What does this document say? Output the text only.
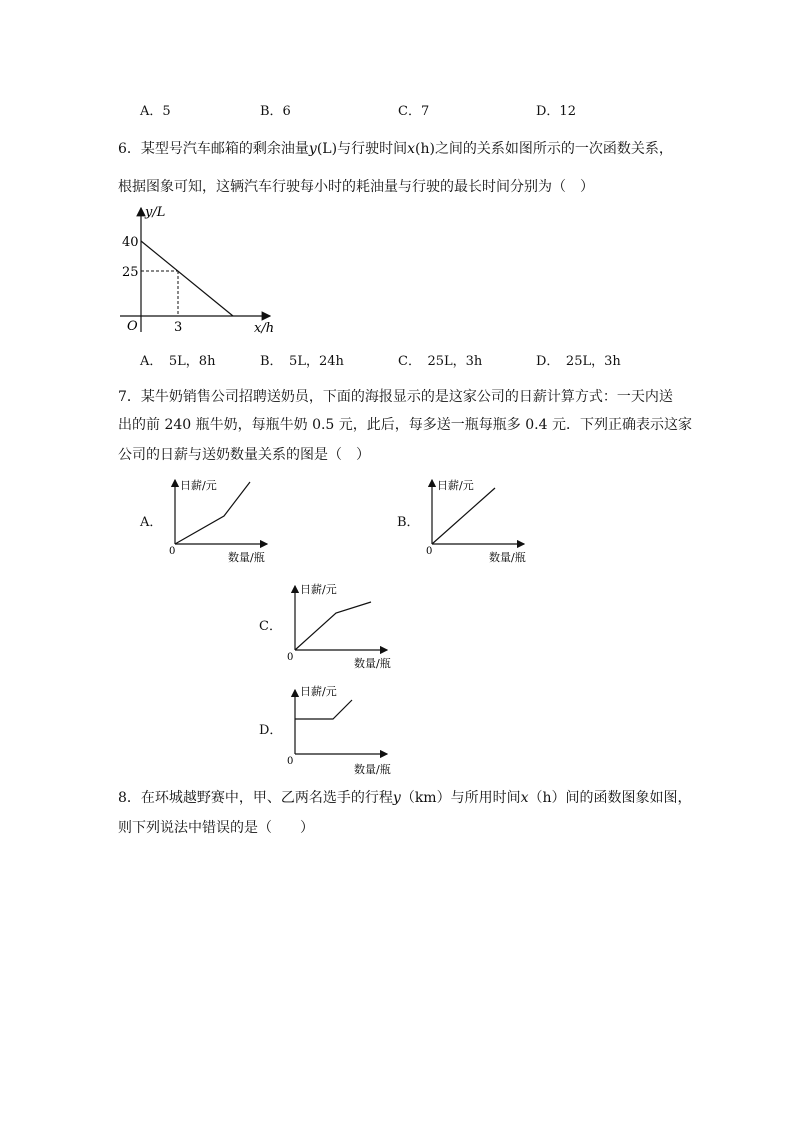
A．5	B．6	C．7	D．12
6．某型号汽车邮箱的剩余油量y(L)与行驶时间x(h)之间的关系如图所示的一次函数关系，
根据图象可知，这辆汽车行驶每小时的耗油量与行驶的最长时间分别为（　）
y/L
x/h
40
25
3
O
A．　5L，8h	B．　5L，24h	C．　25L，3h	D．　25L，3h
7．某牛奶销售公司招聘送奶员，下面的海报显示的是这家公司的日薪计算方式：一天内送
出的前 240 瓶牛奶，每瓶牛奶 0.5 元，此后，每多送一瓶每瓶多 0.4 元．下列正确表示这家
公司的日薪与送奶数量关系的图是（　）
A．
日薪/元
数量/瓶
0
B．
日薪/元
数量/瓶
0
C．
日薪/元
数量/瓶
0
D．
日薪/元
数量/瓶
0
8．在环城越野赛中，甲、乙两名选手的行程y（km）与所用时间x（h）间的函数图象如图，
则下列说法中错误的是（　　）
